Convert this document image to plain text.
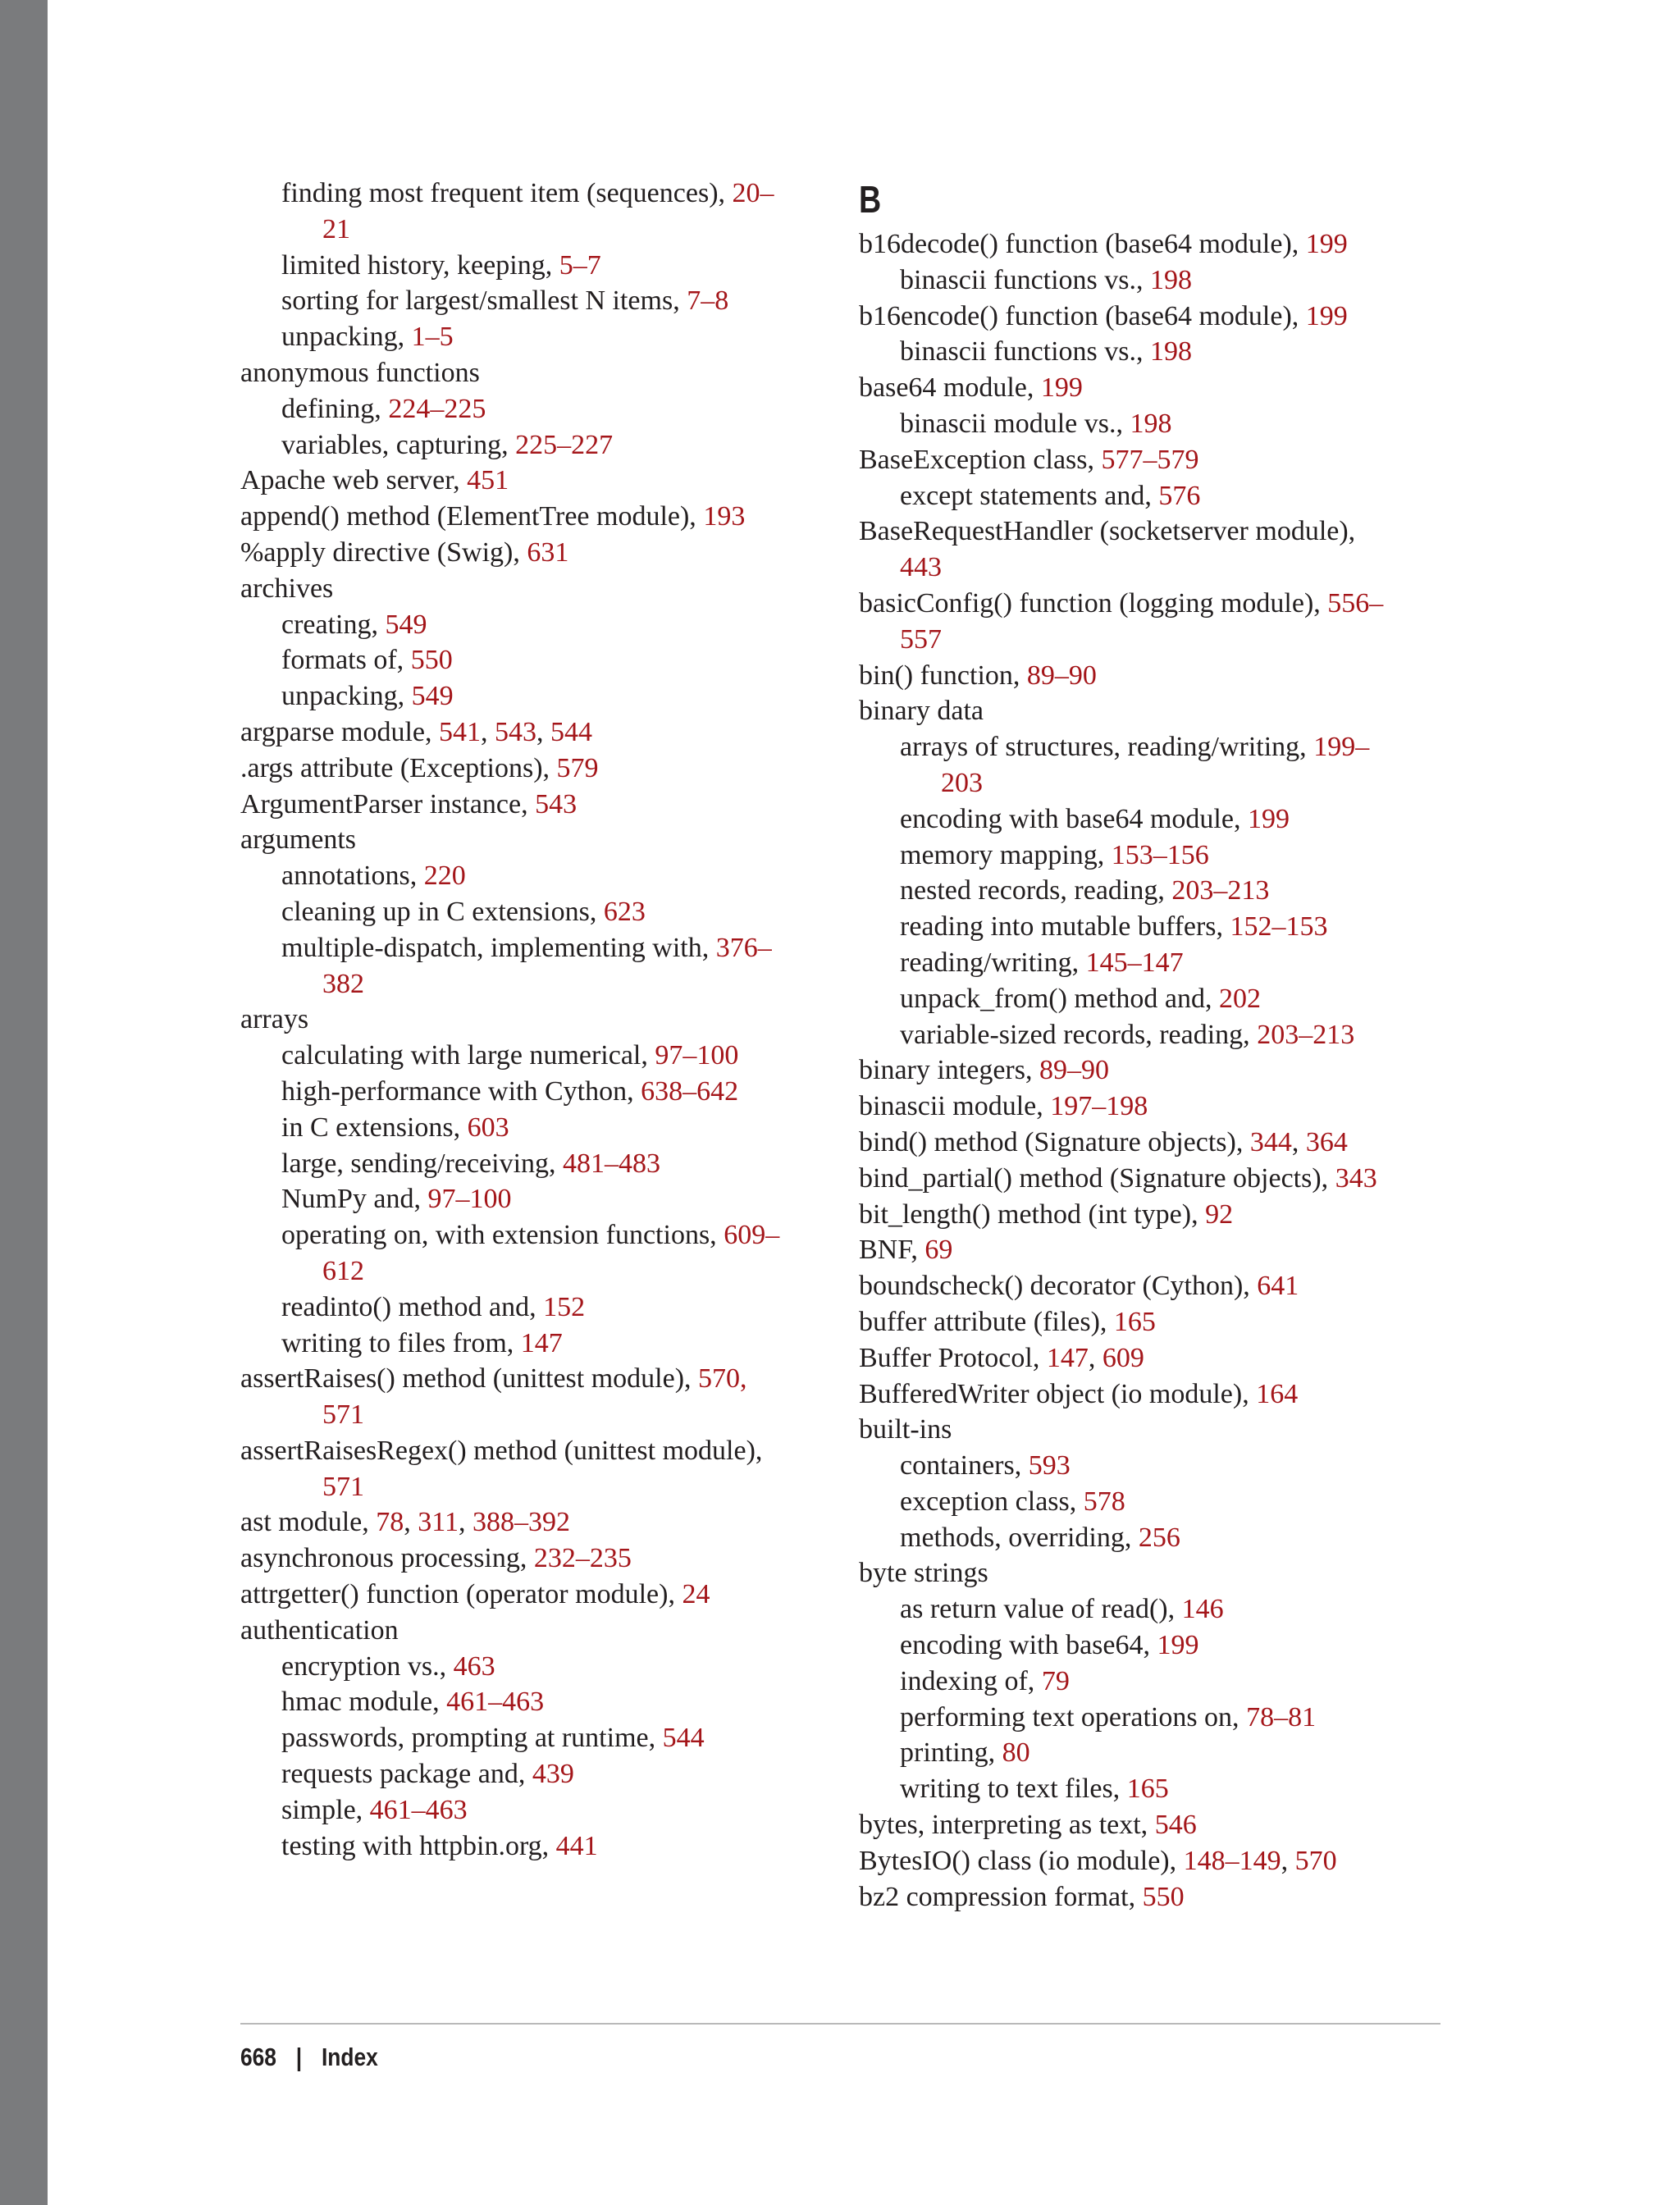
finding most frequent item (sequences), 20–
21
limited history, keeping, 5–7
sorting for largest/smallest N items, 7–8
unpacking, 1–5
anonymous functions
defining, 224–225
variables, capturing, 225–227
Apache web server, 451
append() method (ElementTree module), 193
%apply directive (Swig), 631
archives
creating, 549
formats of, 550
unpacking, 549
argparse module, 541, 543, 544
.args attribute (Exceptions), 579
ArgumentParser instance, 543
arguments
annotations, 220
cleaning up in C extensions, 623
multiple-dispatch, implementing with, 376–
382
arrays
calculating with large numerical, 97–100
high-performance with Cython, 638–642
in C extensions, 603
large, sending/receiving, 481–483
NumPy and, 97–100
operating on, with extension functions, 609–
612
readinto() method and, 152
writing to files from, 147
assertRaises() method (unittest module), 570,
571
assertRaisesRegex() method (unittest module),
571
ast module, 78, 311, 388–392
asynchronous processing, 232–235
attrgetter() function (operator module), 24
authentication
encryption vs., 463
hmac module, 461–463
passwords, prompting at runtime, 544
requests package and, 439
simple, 461–463
testing with httpbin.org, 441
B
b16decode() function (base64 module), 199
binascii functions vs., 198
b16encode() function (base64 module), 199
binascii functions vs., 198
base64 module, 199
binascii module vs., 198
BaseException class, 577–579
except statements and, 576
BaseRequestHandler (socketserver module),
443
basicConfig() function (logging module), 556–
557
bin() function, 89–90
binary data
arrays of structures, reading/writing, 199–
203
encoding with base64 module, 199
memory mapping, 153–156
nested records, reading, 203–213
reading into mutable buffers, 152–153
reading/writing, 145–147
unpack_from() method and, 202
variable-sized records, reading, 203–213
binary integers, 89–90
binascii module, 197–198
bind() method (Signature objects), 344, 364
bind_partial() method (Signature objects), 343
bit_length() method (int type), 92
BNF, 69
boundscheck() decorator (Cython), 641
buffer attribute (files), 165
Buffer Protocol, 147, 609
BufferedWriter object (io module), 164
built-ins
containers, 593
exception class, 578
methods, overriding, 256
byte strings
as return value of read(), 146
encoding with base64, 199
indexing of, 79
performing text operations on, 78–81
printing, 80
writing to text files, 165
bytes, interpreting as text, 546
BytesIO() class (io module), 148–149, 570
bz2 compression format, 550
668 | Index
